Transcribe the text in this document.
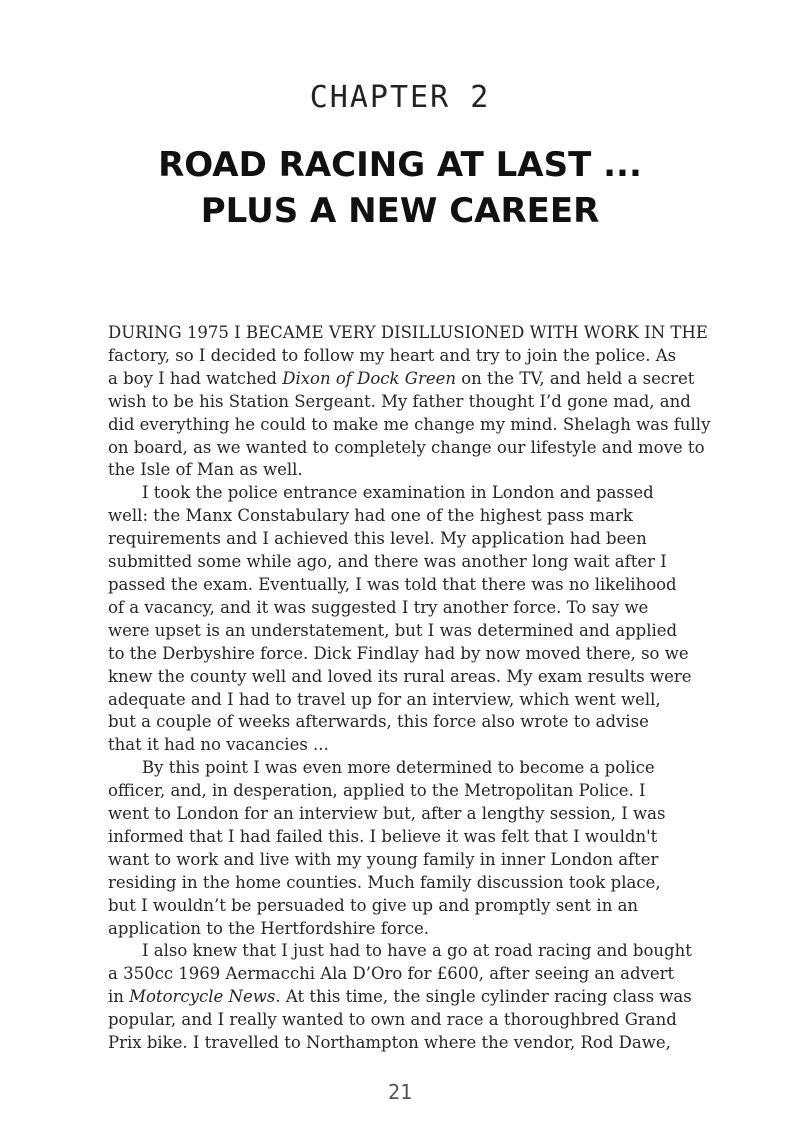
CHAPTER 2
ROAD RACING AT LAST ...
PLUS A NEW CAREER
DURING 1975 I BECAME VERY DISILLUSIONED WITH WORK IN THE
factory, so I decided to follow my heart and try to join the police. As
a boy I had watched Dixon of Dock Green on the TV, and held a secret
wish to be his Station Sergeant. My father thought I’d gone mad, and
did everything he could to make me change my mind. Shelagh was fully
on board, as we wanted to completely change our lifestyle and move to
the Isle of Man as well.
I took the police entrance examination in London and passed
well: the Manx Constabulary had one of the highest pass mark
requirements and I achieved this level. My application had been
submitted some while ago, and there was another long wait after I
passed the exam. Eventually, I was told that there was no likelihood
of a vacancy, and it was suggested I try another force. To say we
were upset is an understatement, but I was determined and applied
to the Derbyshire force. Dick Findlay had by now moved there, so we
knew the county well and loved its rural areas. My exam results were
adequate and I had to travel up for an interview, which went well,
but a couple of weeks afterwards, this force also wrote to advise
that it had no vacancies ...
By this point I was even more determined to become a police
officer, and, in desperation, applied to the Metropolitan Police. I
went to London for an interview but, after a lengthy session, I was
informed that I had failed this. I believe it was felt that I wouldn't
want to work and live with my young family in inner London after
residing in the home counties. Much family discussion took place,
but I wouldn’t be persuaded to give up and promptly sent in an
application to the Hertfordshire force.
I also knew that I just had to have a go at road racing and bought
a 350cc 1969 Aermacchi Ala D’Oro for £600, after seeing an advert
in Motorcycle News. At this time, the single cylinder racing class was
popular, and I really wanted to own and race a thoroughbred Grand
Prix bike. I travelled to Northampton where the vendor, Rod Dawe,
21
